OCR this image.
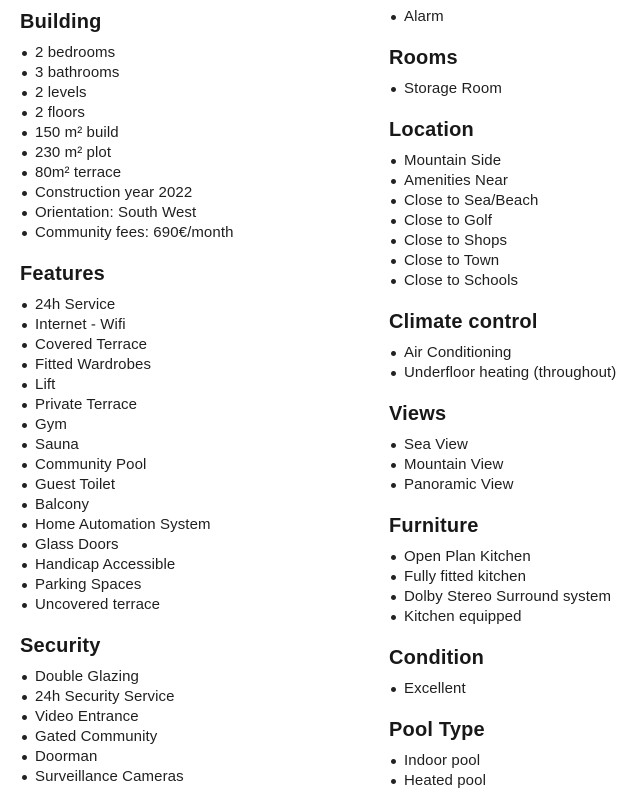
Building
2 bedrooms
3 bathrooms
2 levels
2 floors
150 m² build
230 m² plot
80m² terrace
Construction year 2022
Orientation: South West
Community fees: 690€/month
Features
24h Service
Internet - Wifi
Covered Terrace
Fitted Wardrobes
Lift
Private Terrace
Gym
Sauna
Community Pool
Guest Toilet
Balcony
Home Automation System
Glass Doors
Handicap Accessible
Parking Spaces
Uncovered terrace
Security
Double Glazing
24h Security Service
Video Entrance
Gated Community
Doorman
Surveillance Cameras
Alarm
Rooms
Storage Room
Location
Mountain Side
Amenities Near
Close to Sea/Beach
Close to Golf
Close to Shops
Close to Town
Close to Schools
Climate control
Air Conditioning
Underfloor heating (throughout)
Views
Sea View
Mountain View
Panoramic View
Furniture
Open Plan Kitchen
Fully fitted kitchen
Dolby Stereo Surround system
Kitchen equipped
Condition
Excellent
Pool Type
Indoor pool
Heated pool
